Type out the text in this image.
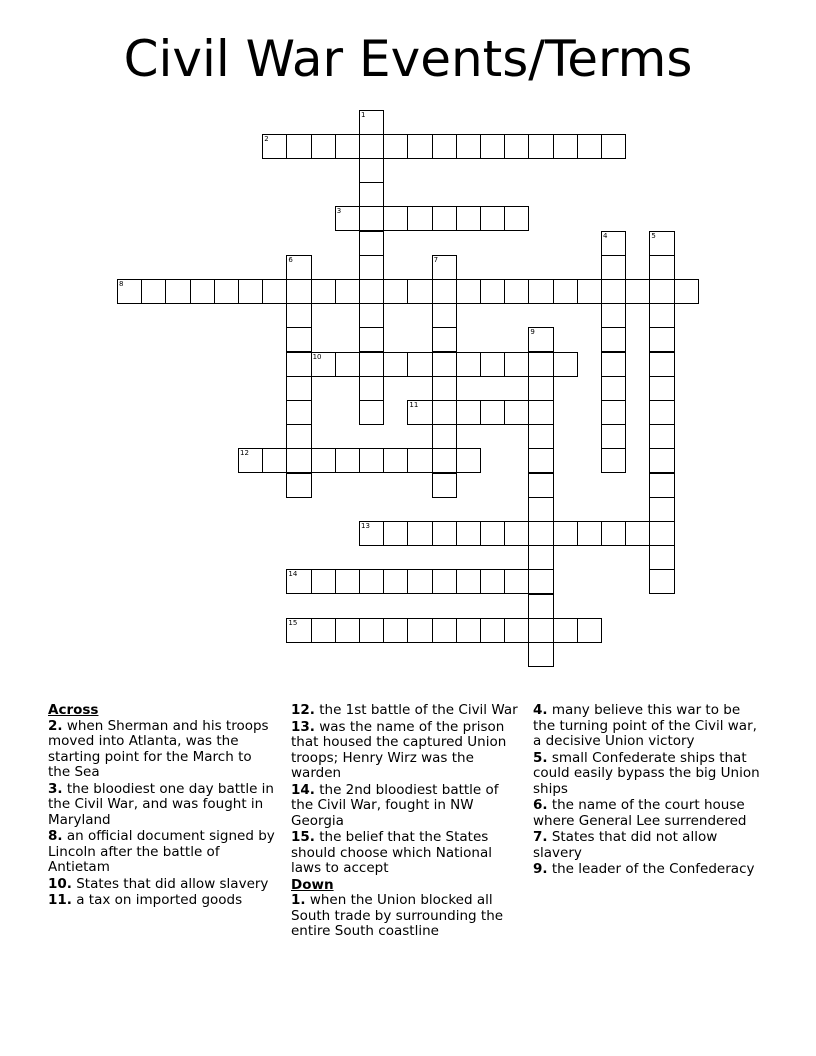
Civil War Events/Terms
1
2
3
4	5
6	7
8
9
10
11
12
13
14
15
Across
2. when Sherman and his troops moved into Atlanta, was the starting point for the March to the Sea
3. the bloodiest one day battle in the Civil War, and was fought in Maryland
8. an official document signed by Lincoln after the battle of Antietam
10. States that did allow slavery
11. a tax on imported goods
12. the 1st battle of the Civil War
13. was the name of the prison that housed the captured Union troops; Henry Wirz was the warden
14. the 2nd bloodiest battle of the Civil War, fought in NW Georgia
15. the belief that the States should choose which National laws to accept
Down
1. when the Union blocked all South trade by surrounding the entire South coastline
4. many believe this war to be the turning point of the Civil war, a decisive Union victory
5. small Confederate ships that could easily bypass the big Union ships
6. the name of the court house where General Lee surrendered
7. States that did not allow slavery
9. the leader of the Confederacy
